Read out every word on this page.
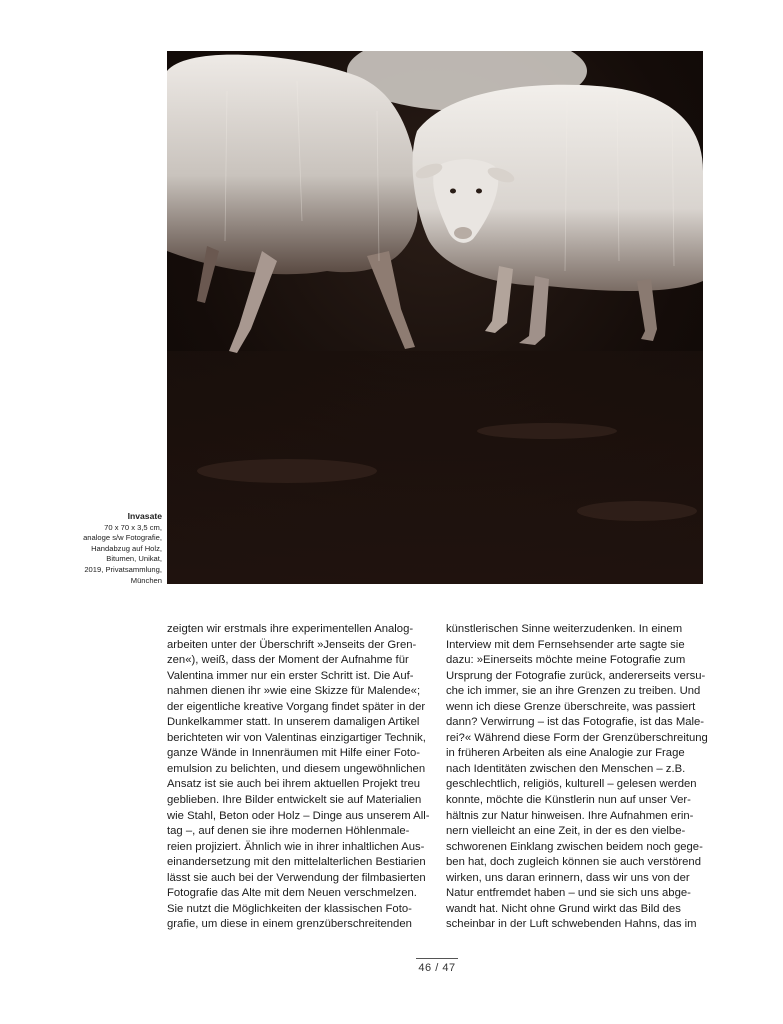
Invasate
70 x 70 x 3,5 cm,
analoge s/w Fotografie,
Handabzug auf Holz,
Bitumen, Unikat,
2019, Privatsammlung,
München
zeigten wir erstmals ihre experimentellen Analog-
arbeiten unter der Überschrift »Jenseits der Gren-
zen«), weiß, dass der Moment der Aufnahme für
Valentina immer nur ein erster Schritt ist. Die Auf-
nahmen dienen ihr »wie eine Skizze für Malende«;
der eigentliche kreative Vorgang findet später in der
Dunkelkammer statt. In unserem damaligen Artikel
berichteten wir von Valentinas einzigartiger Technik,
ganze Wände in Innenräumen mit Hilfe einer Foto-
emulsion zu belichten, und diesem ungewöhnlichen
Ansatz ist sie auch bei ihrem aktuellen Projekt treu
geblieben. Ihre Bilder entwickelt sie auf Materialien
wie Stahl, Beton oder Holz – Dinge aus unserem All-
tag –, auf denen sie ihre modernen Höhlenmale-
reien projiziert. Ähnlich wie in ihrer inhaltlichen Aus-
einandersetzung mit den mittelalterlichen Bestiarien
lässt sie auch bei der Verwendung der filmbasierten
Fotografie das Alte mit dem Neuen verschmelzen.
Sie nutzt die Möglichkeiten der klassischen Foto-
grafie, um diese in einem grenzüberschreitenden
künstlerischen Sinne weiterzudenken. In einem
Interview mit dem Fernsehsender arte sagte sie
dazu: »Einerseits möchte meine Fotografie zum
Ursprung der Fotografie zurück, andererseits versu-
che ich immer, sie an ihre Grenzen zu treiben. Und
wenn ich diese Grenze überschreite, was passiert
dann? Verwirrung – ist das Fotografie, ist das Male-
rei?« Während diese Form der Grenzüberschreitung
in früheren Arbeiten als eine Analogie zur Frage
nach Identitäten zwischen den Menschen – z.B.
geschlechtlich, religiös, kulturell – gelesen werden
konnte, möchte die Künstlerin nun auf unser Ver-
hältnis zur Natur hinweisen. Ihre Aufnahmen erin-
nern vielleicht an eine Zeit, in der es den vielbe-
schworenen Einklang zwischen beidem noch gege-
ben hat, doch zugleich können sie auch verstörend
wirken, uns daran erinnern, dass wir uns von der
Natur entfremdet haben – und sie sich uns abge-
wandt hat. Nicht ohne Grund wirkt das Bild des
scheinbar in der Luft schwebenden Hahns, das im
46 / 47
